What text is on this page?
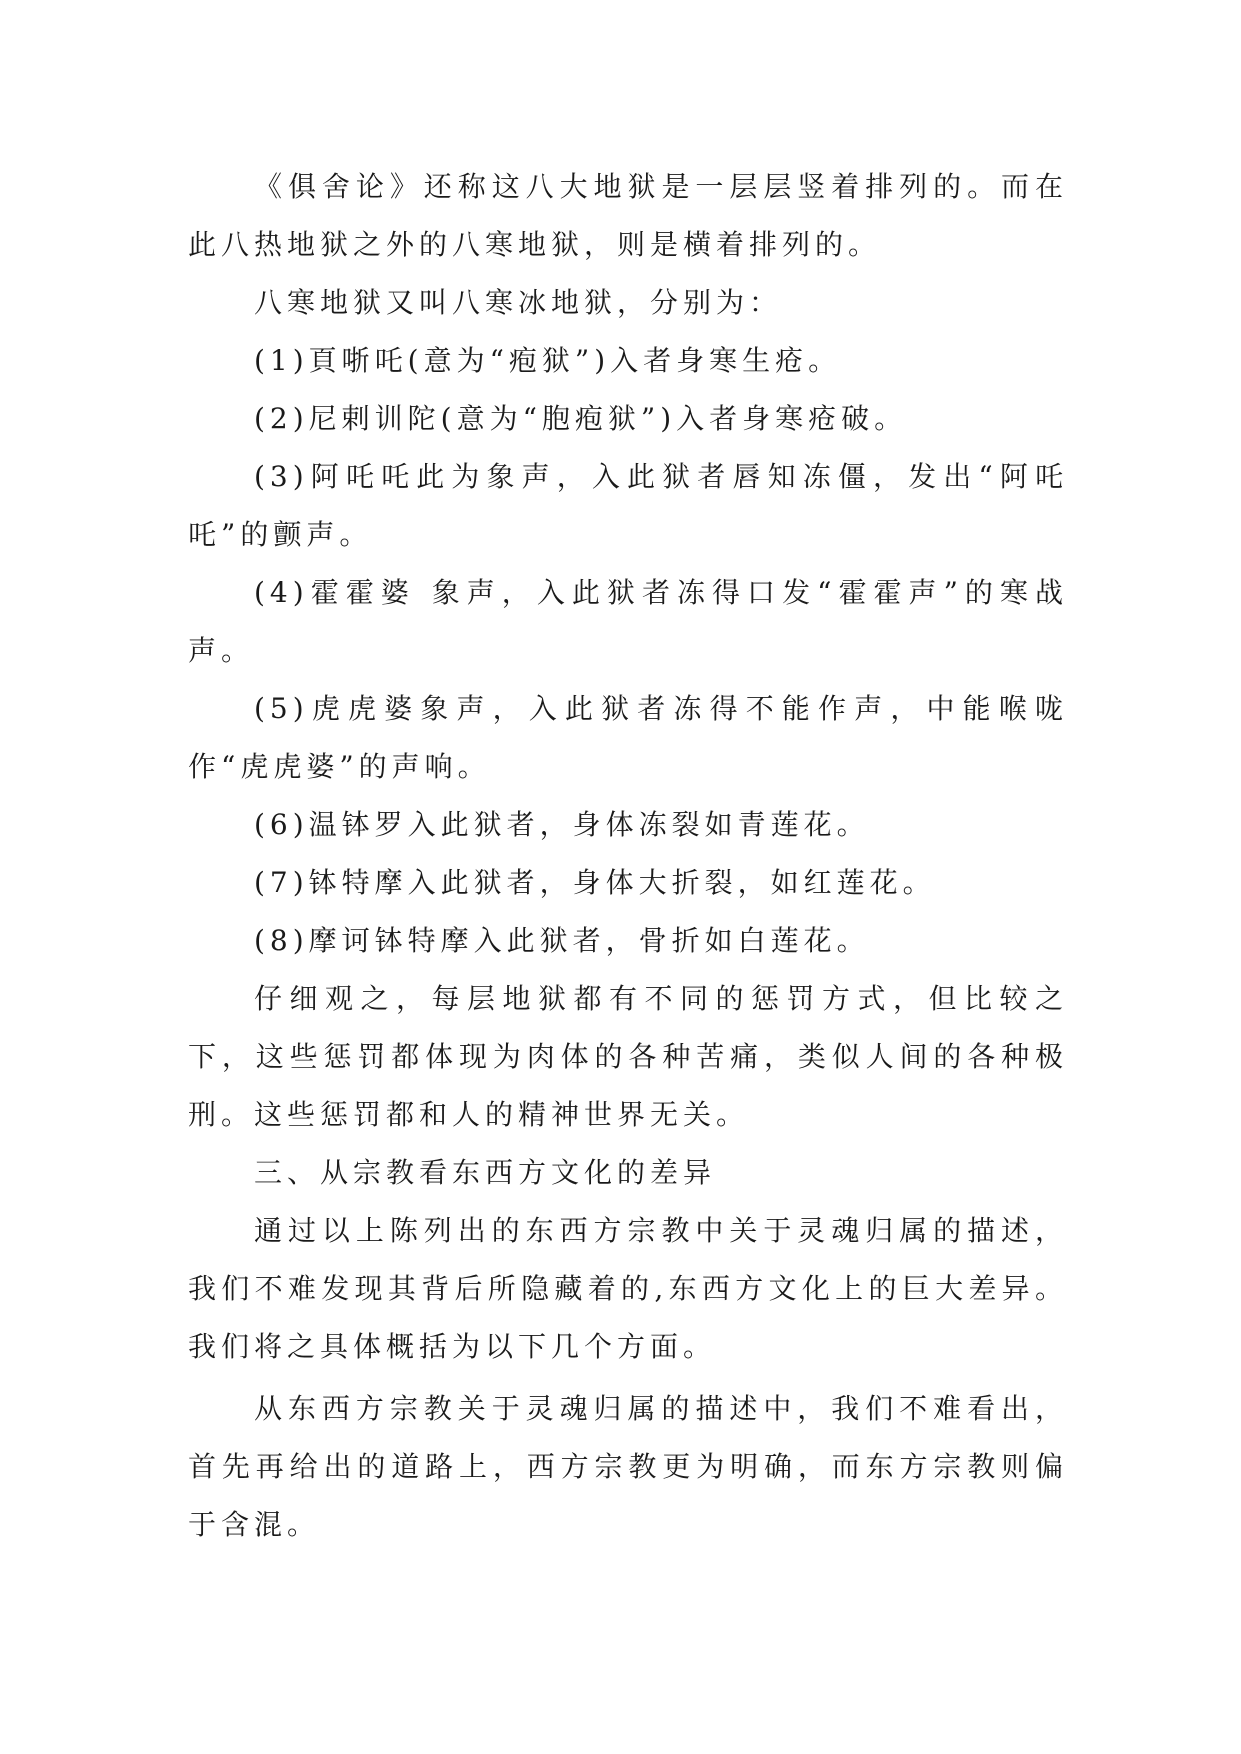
《俱舍论》还称这八大地狱是一层层竖着排列的。而在此八热地狱之外的八寒地狱，则是横着排列的。

八寒地狱又叫八寒冰地狱，分别为：

(1)頁哳吒(意为“疱狱”)入者身寒生疮。

(2)尼剌训陀(意为“胞疱狱”)入者身寒疮破。

(3)阿吒吒此为象声，入此狱者唇知冻僵，发出“阿吒吒”的颤声。

(4)霍霍婆 象声，入此狱者冻得口发“霍霍声”的寒战声。

(5)虎虎婆象声，入此狱者冻得不能作声，中能喉咙作“虎虎婆”的声响。

(6)温钵罗入此狱者，身体冻裂如青莲花。

(7)钵特摩入此狱者，身体大折裂，如红莲花。

(8)摩诃钵特摩入此狱者，骨折如白莲花。

仔细观之，每层地狱都有不同的惩罚方式，但比较之下，这些惩罚都体现为肉体的各种苦痛，类似人间的各种极刑。这些惩罚都和人的精神世界无关。

三、从宗教看东西方文化的差异

通过以上陈列出的东西方宗教中关于灵魂归属的描述，我们不难发现其背后所隐藏着的,东西方文化上的巨大差异。我们将之具体概括为以下几个方面。

从东西方宗教关于灵魂归属的描述中，我们不难看出，首先再给出的道路上，西方宗教更为明确，而东方宗教则偏于含混。
